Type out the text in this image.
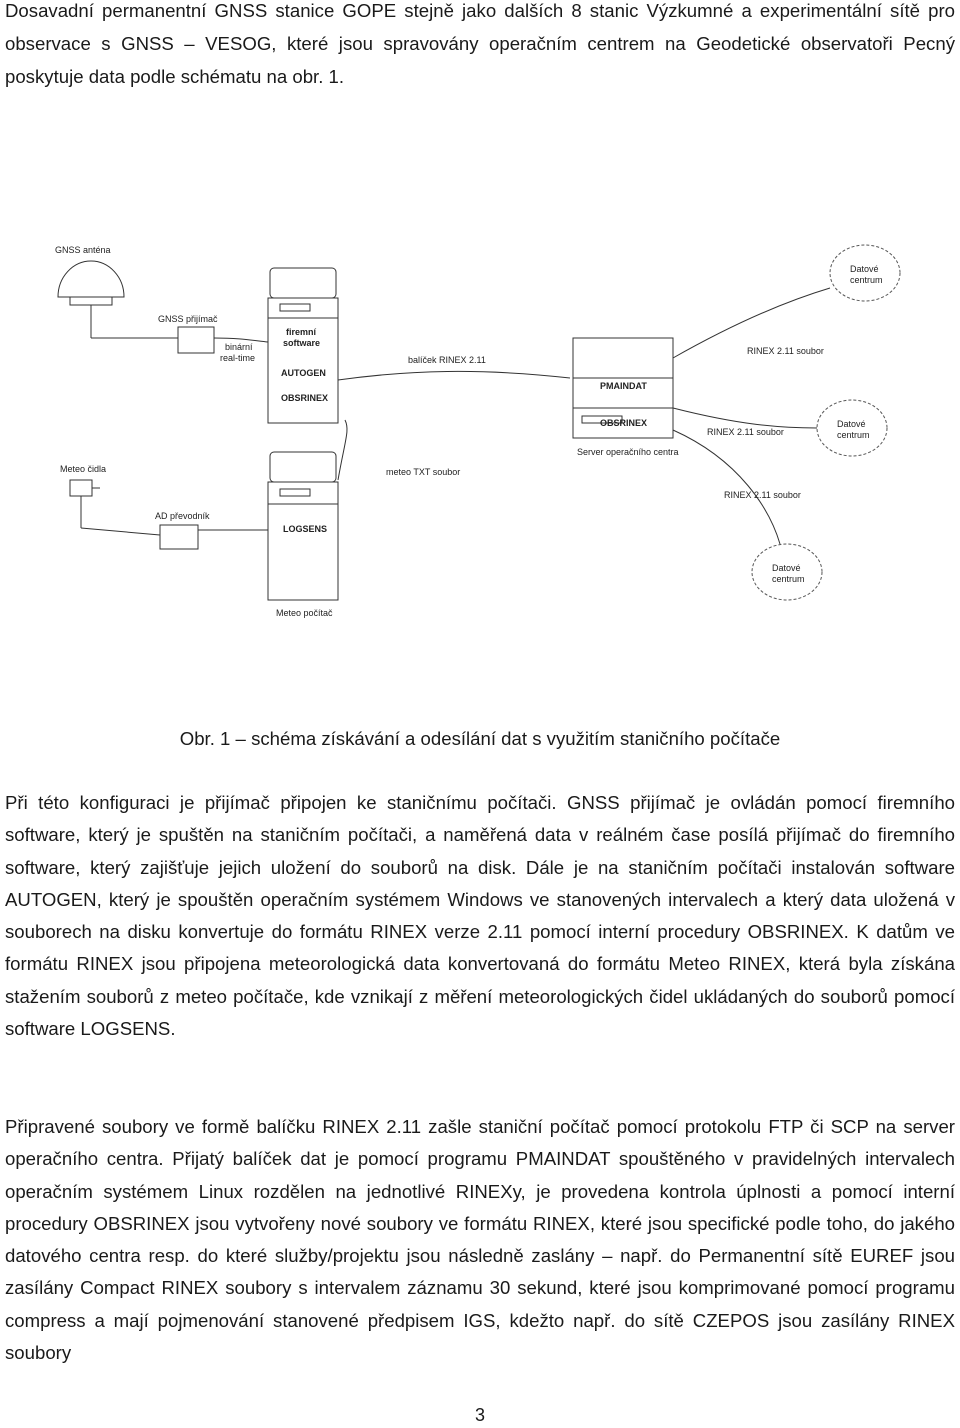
Dosavadní permanentní GNSS stanice GOPE stejně jako dalších 8 stanic Výzkumné a experimentální sítě pro observace s GNSS – VESOG, které jsou spravovány operačním centrem na Geodetické observatoři Pecný poskytuje data podle schématu na obr. 1.

GNSS anténa
GNSS přijímač
binární
real-time
firemní
software
AUTOGEN
OBSRINEX
balíček RINEX 2.11
PMAINDAT
OBSRINEX
Server operačního centra
Meteo čidla
AD převodník
LOGSENS
Meteo počítač
meteo TXT soubor
Datové
centrum
RINEX 2.11 soubor
Datové
centrum
RINEX 2.11 soubor
Datové
centrum
RINEX 2.11 soubor

Obr. 1 – schéma získávání a odesílání dat s využitím staničního počítače

Při této konfiguraci je přijímač připojen ke staničnímu počítači. GNSS přijímač je ovládán pomocí firemního software, který je spuštěn na staničním počítači, a naměřená data v reálném čase posílá přijímač do firemního software, který zajišťuje jejich uložení do souborů na disk. Dále je na staničním počítači instalován software AUTOGEN, který je spouštěn operačním systémem Windows ve stanovených intervalech a který data uložená v souborech na disku konvertuje do formátu RINEX verze 2.11 pomocí interní procedury OBSRINEX. K datům ve formátu RINEX jsou připojena meteorologická data konvertovaná do formátu Meteo RINEX, která byla získána stažením souborů z meteo počítače, kde vznikají z měření meteorologických čidel ukládaných do souborů pomocí software LOGSENS.

Připravené soubory ve formě balíčku RINEX 2.11 zašle staniční počítač pomocí protokolu FTP či SCP na server operačního centra. Přijatý balíček dat je pomocí programu PMAINDAT spouštěného v pravidelných intervalech operačním systémem Linux rozdělen na jednotlivé RINEXy, je provedena kontrola úplnosti a pomocí interní procedury OBSRINEX jsou vytvořeny nové soubory ve formátu RINEX, které jsou specifické podle toho, do jakého datového centra resp. do které služby/projektu jsou následně zaslány – např. do Permanentní sítě EUREF jsou zasílány Compact RINEX soubory s intervalem záznamu 30 sekund, které jsou komprimované pomocí programu compress a mají pojmenování stanovené předpisem IGS, kdežto např. do sítě CZEPOS jsou zasílány RINEX soubory

3
